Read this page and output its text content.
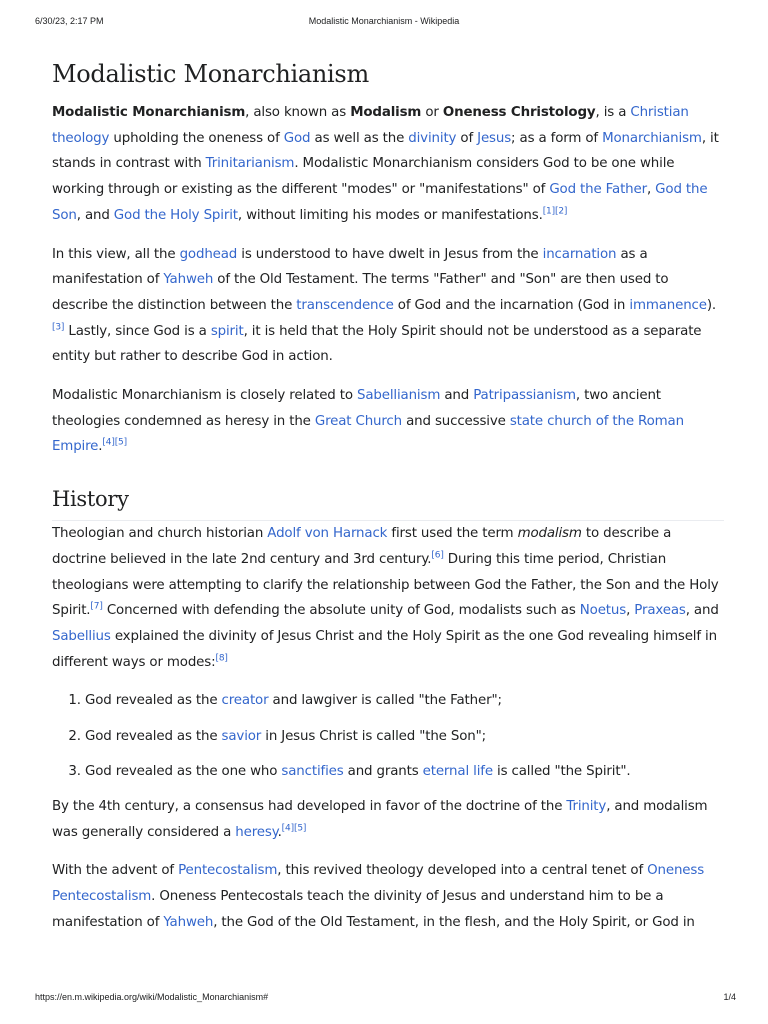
Modalistic Monarchianism - Wikipedia
6/30/23, 2:17 PM
Modalistic Monarchianism

Modalistic Monarchianism, also known as Modalism or Oneness Christology, is a Christian theology upholding the oneness of God as well as the divinity of Jesus; as a form of Monarchianism, it stands in contrast with Trinitarianism. Modalistic Monarchianism considers God to be one while working through or existing as the different "modes" or "manifestations" of God the Father, God the Son, and God the Holy Spirit, without limiting his modes or manifestations.[1][2]

In this view, all the godhead is understood to have dwelt in Jesus from the incarnation as a manifestation of Yahweh of the Old Testament. The terms "Father" and "Son" are then used to describe the distinction between the transcendence of God and the incarnation (God in immanence).[3] Lastly, since God is a spirit, it is held that the Holy Spirit should not be understood as a separate entity but rather to describe God in action.

Modalistic Monarchianism is closely related to Sabellianism and Patripassianism, two ancient theologies condemned as heresy in the Great Church and successive state church of the Roman Empire.[4][5]

History

Theologian and church historian Adolf von Harnack first used the term modalism to describe a doctrine believed in the late 2nd century and 3rd century.[6] During this time period, Christian theologians were attempting to clarify the relationship between God the Father, the Son and the Holy Spirit.[7] Concerned with defending the absolute unity of God, modalists such as Noetus, Praxeas, and Sabellius explained the divinity of Jesus Christ and the Holy Spirit as the one God revealing himself in different ways or modes:[8]

1. God revealed as the creator and lawgiver is called "the Father";
2. God revealed as the savior in Jesus Christ is called "the Son";
3. God revealed as the one who sanctifies and grants eternal life is called "the Spirit".

By the 4th century, a consensus had developed in favor of the doctrine of the Trinity, and modalism was generally considered a heresy.[4][5]

With the advent of Pentecostalism, this revived theology developed into a central tenet of Oneness Pentecostalism. Oneness Pentecostals teach the divinity of Jesus and understand him to be a manifestation of Yahweh, the God of the Old Testament, in the flesh, and the Holy Spirit, or God in

https://en.m.wikipedia.org/wiki/Modalistic_Monarchianism#	1/4
